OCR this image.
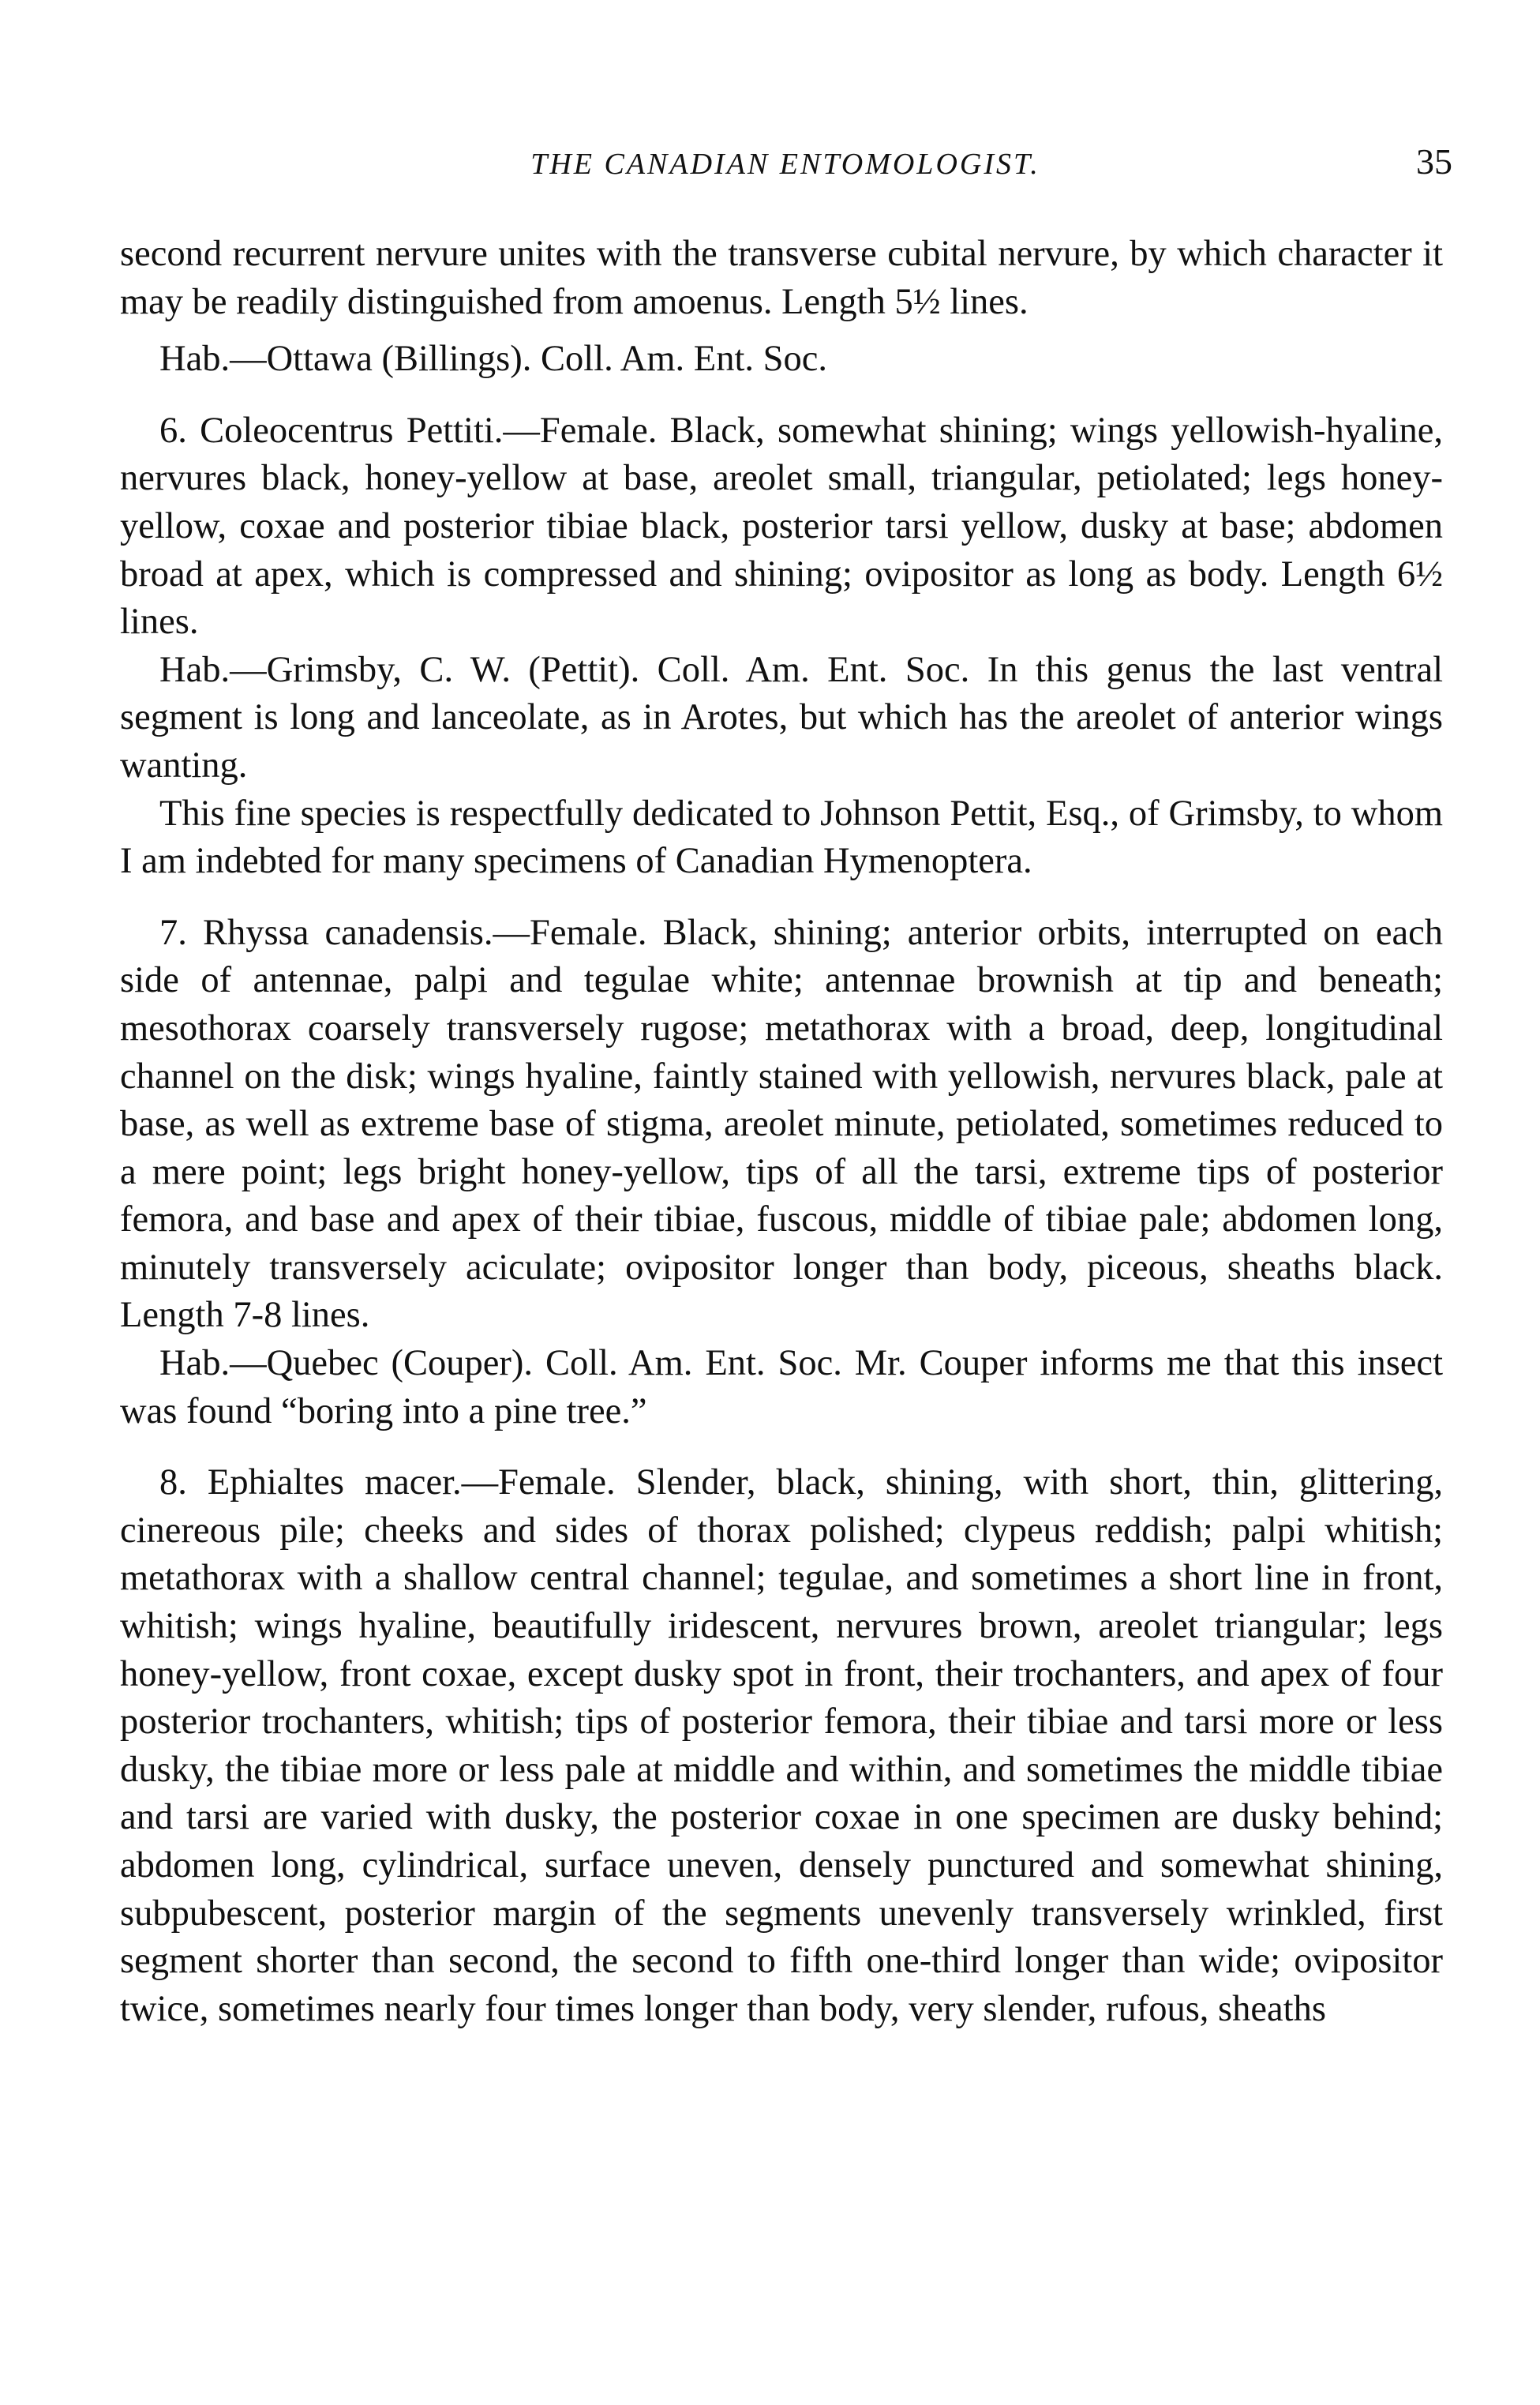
THE CANADIAN ENTOMOLOGIST.	35

second recurrent nervure unites with the transverse cubital nervure, by which character it may be readily distinguished from amoenus. Length 5½ lines.

Hab.—Ottawa (Billings). Coll. Am. Ent. Soc.

6. Coleocentrus Pettiti.—Female. Black, somewhat shining; wings yellowish-hyaline, nervures black, honey-yellow at base, areolet small, triangular, petiolated; legs honey-yellow, coxae and posterior tibiae black, posterior tarsi yellow, dusky at base; abdomen broad at apex, which is compressed and shining; ovipositor as long as body. Length 6½ lines.

Hab.—Grimsby, C. W. (Pettit). Coll. Am. Ent. Soc. In this genus the last ventral segment is long and lanceolate, as in Arotes, but which has the areolet of anterior wings wanting.

This fine species is respectfully dedicated to Johnson Pettit, Esq., of Grimsby, to whom I am indebted for many specimens of Canadian Hymenoptera.

7. Rhyssa canadensis.—Female. Black, shining; anterior orbits, interrupted on each side of antennae, palpi and tegulae white; antennae brownish at tip and beneath; mesothorax coarsely transversely rugose; metathorax with a broad, deep, longitudinal channel on the disk; wings hyaline, faintly stained with yellowish, nervures black, pale at base, as well as extreme base of stigma, areolet minute, petiolated, sometimes reduced to a mere point; legs bright honey-yellow, tips of all the tarsi, extreme tips of posterior femora, and base and apex of their tibiae, fuscous, middle of tibiae pale; abdomen long, minutely transversely aciculate; ovipositor longer than body, piceous, sheaths black. Length 7-8 lines.

Hab.—Quebec (Couper). Coll. Am. Ent. Soc. Mr. Couper informs me that this insect was found “boring into a pine tree.”

8. Ephialtes macer.—Female. Slender, black, shining, with short, thin, glittering, cinereous pile; cheeks and sides of thorax polished; clypeus reddish; palpi whitish; metathorax with a shallow central channel; tegulae, and sometimes a short line in front, whitish; wings hyaline, beautifully iridescent, nervures brown, areolet triangular; legs honey-yellow, front coxae, except dusky spot in front, their trochanters, and apex of four posterior trochanters, whitish; tips of posterior femora, their tibiae and tarsi more or less dusky, the tibiae more or less pale at middle and within, and sometimes the middle tibiae and tarsi are varied with dusky, the posterior coxae in one specimen are dusky behind; abdomen long, cylindrical, surface uneven, densely punctured and somewhat shining, subpubescent, posterior margin of the segments unevenly transversely wrinkled, first segment shorter than second, the second to fifth one-third longer than wide; ovipositor twice, sometimes nearly four times longer than body, very slender, rufous, sheaths
